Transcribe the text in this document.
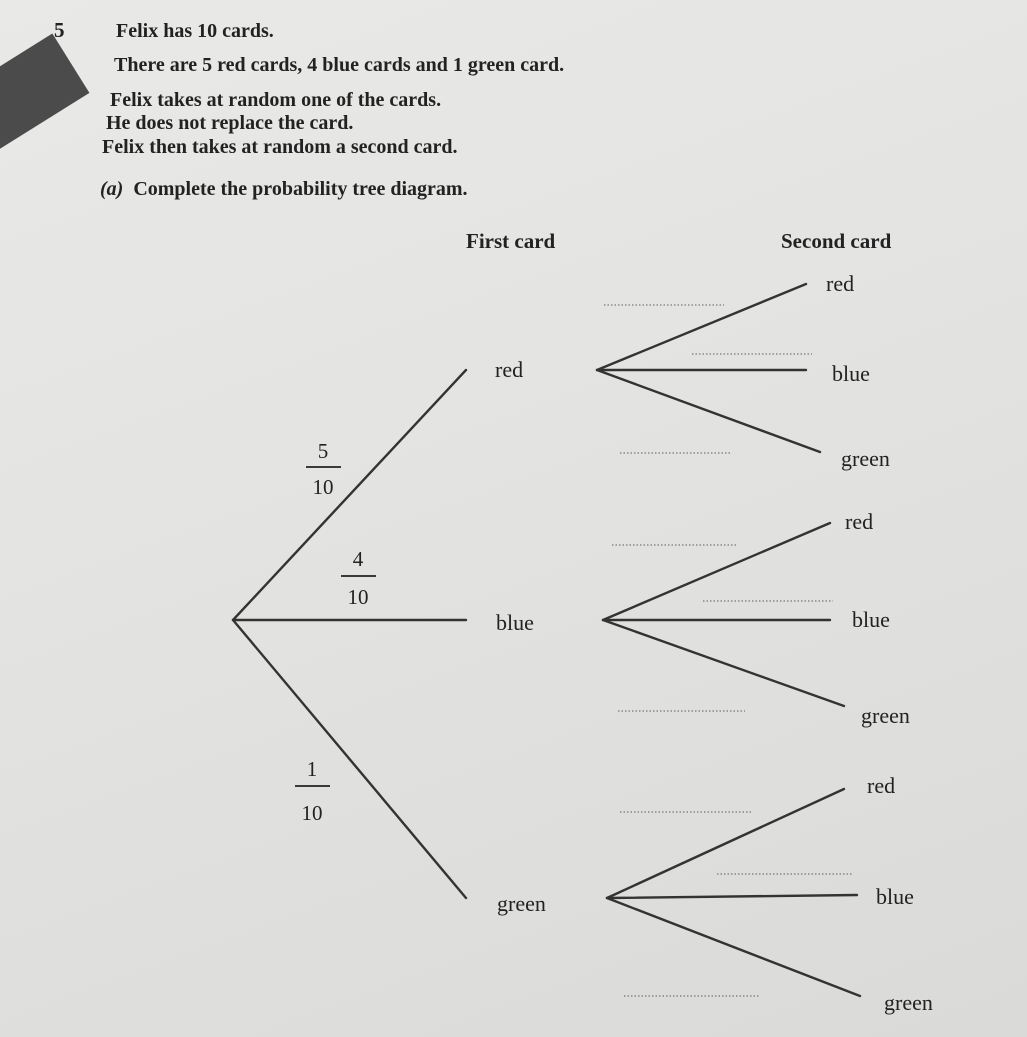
5	Felix has 10 cards.
There are 5 red cards, 4 blue cards and 1 green card.
Felix takes at random one of the cards.
He does not replace the card.
Felix then takes at random a second card.
(a) Complete the probability tree diagram.
First card	Second card
red
blue
green
5
10
4
10
1
10
red
blue
green
red
blue
green
red
blue
green
